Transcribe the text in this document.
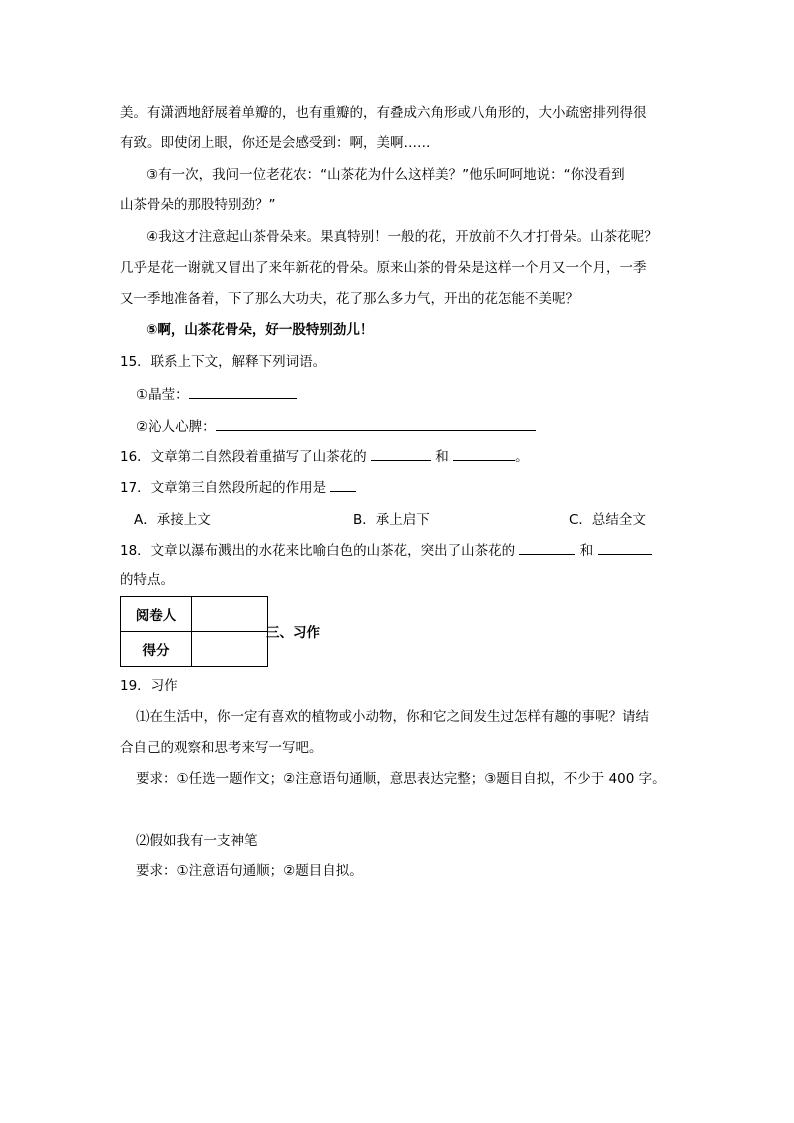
美。有潇洒地舒展着单瓣的，也有重瓣的，有叠成六角形或八角形的，大小疏密排列得很
有致。即使闭上眼，你还是会感受到：啊，美啊……
③有一次，我问一位老花农：“山茶花为什么这样美？”他乐呵呵地说：“你没看到
山茶骨朵的那股特别劲？”
④我这才注意起山茶骨朵来。果真特别！一般的花，开放前不久才打骨朵。山茶花呢？
几乎是花一谢就又冒出了来年新花的骨朵。原来山茶的骨朵是这样一个月又一个月，一季
又一季地准备着，下了那么大功夫，花了那么多力气，开出的花怎能不美呢？
⑤啊，山茶花骨朵，好一股特别劲儿！
15．联系上下文，解释下列词语。
①晶莹：
②沁人心脾：
16．文章第二自然段着重描写了山茶花的	和	。
17．文章第三自然段所起的作用是
A．承接上文	B．承上启下	C．总结全文
18．文章以瀑布溅出的水花来比喻白色的山茶花，突出了山茶花的	和
的特点。
阅卷人	
得分	
三、习作
19．习作
⑴在生活中，你一定有喜欢的植物或小动物，你和它之间发生过怎样有趣的事呢？请结
合自己的观察和思考来写一写吧。
要求：①任选一题作文；②注意语句通顺，意思表达完整；③题目自拟，不少于 400 字。
⑵假如我有一支神笔
要求：①注意语句通顺；②题目自拟。
